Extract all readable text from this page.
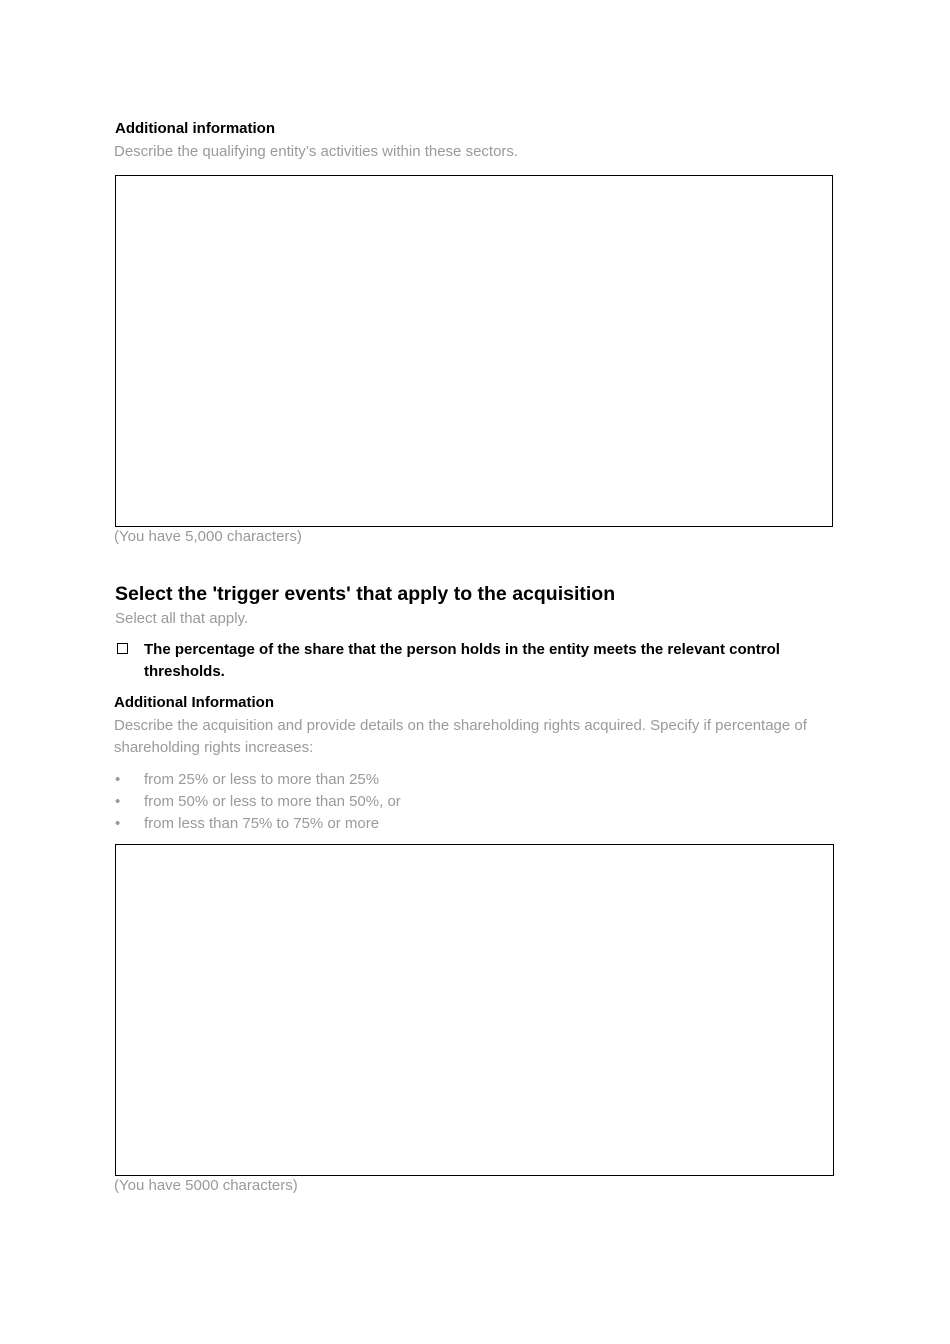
Additional information
Describe the qualifying entity’s activities within these sectors.
(You have 5,000 characters)
Select the 'trigger events' that apply to the acquisition
Select all that apply.
The percentage of the share that the person holds in the entity meets the relevant control thresholds.
Additional Information
Describe the acquisition and provide details on the shareholding rights acquired. Specify if percentage of shareholding rights increases:
• from 25% or less to more than 25%
• from 50% or less to more than 50%, or
• from less than 75% to 75% or more
(You have 5000 characters)
